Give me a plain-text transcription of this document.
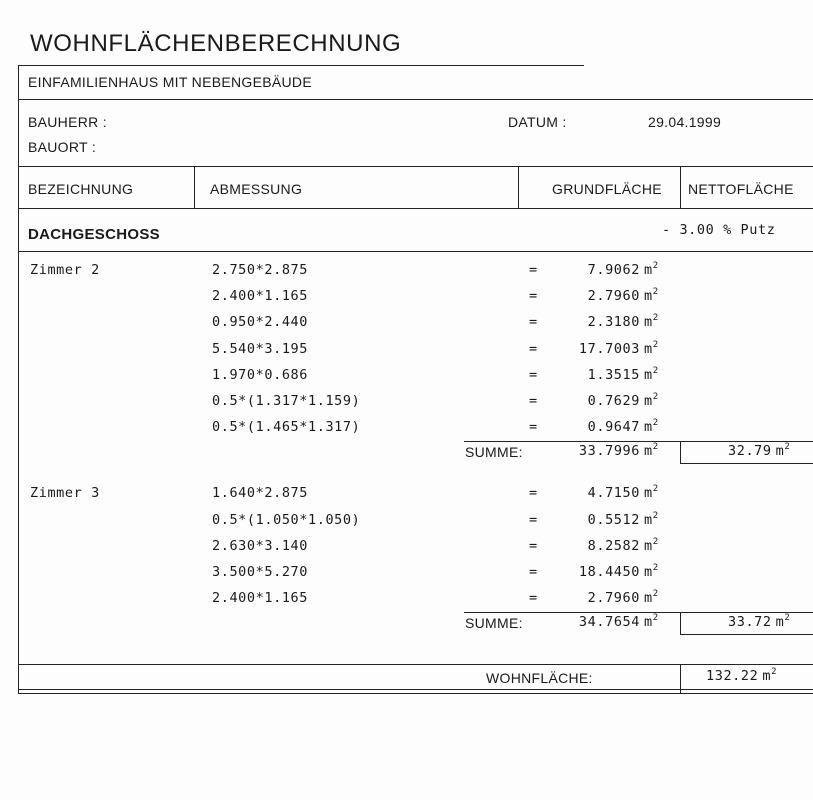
WOHNFLÄCHENBERECHNUNG
EINFAMILIENHAUS MIT NEBENGEBÄUDE
BAUHERR :
BAUORT :
DATUM :	29.04.1999
BEZEICHNUNG	ABMESSUNG	GRUNDFLÄCHE NETTOFLÄCHE
DACHGESCHOSS	- 3.00 % Putz
Zimmer 2	2.750*2.875	=	7.9062 $m^2$
2.400*1.165	=	2.7960 $m^2$
0.950*2.440	=	2.3180 $m^2$
5.540*3.195	=	17.7003 $m^2$
1.970*0.686	=	1.3515 $m^2$
0.5*(1.317*1.159)	=	0.7629 $m^2$
0.5*(1.465*1.317)	=	0.9647 $m^2$
SUMME:	33.7996 $m^2$	32.79 $m^2$
Zimmer 3	1.640*2.875	=	4.7150 $m^2$
0.5*(1.050*1.050)	=	0.5512 $m^2$
2.630*3.140	=	8.2582 $m^2$
3.500*5.270	=	18.4450 $m^2$
2.400*1.165	=	2.7960 $m^2$
SUMME:	34.7654 $m^2$	33.72 $m^2$
WOHNFLÄCHE:	132.22 $m^2$
